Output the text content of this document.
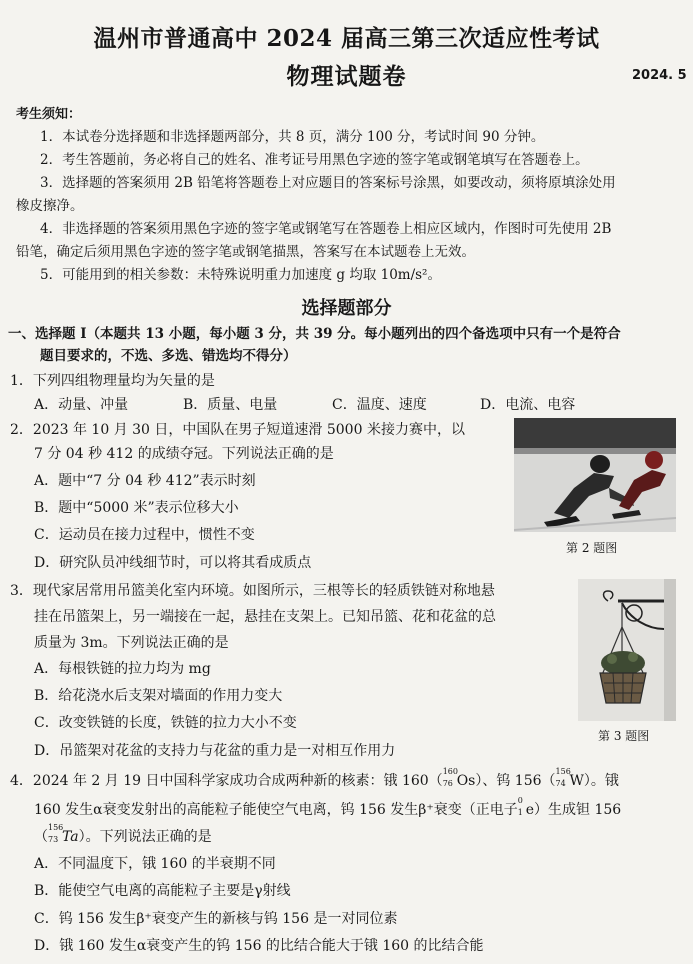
温州市普通高中 2024 届高三第三次适应性考试
物理试题卷	2024. 5
考生须知：
1．本试卷分选择题和非选择题两部分，共 8 页，满分 100 分，考试时间 90 分钟。
2．考生答题前，务必将自己的姓名、准考证号用黑色字迹的签字笔或钢笔填写在答题卷上。
3．选择题的答案须用 2B 铅笔将答题卷上对应题目的答案标号涂黑，如要改动，须将原填涂处用
橡皮擦净。
4．非选择题的答案须用黑色字迹的签字笔或钢笔写在答题卷上相应区域内，作图时可先使用 2B
铅笔，确定后须用黑色字迹的签字笔或钢笔描黑，答案写在本试题卷上无效。
5．可能用到的相关参数：未特殊说明重力加速度 g 均取 10m/s²。
选择题部分
一、选择题 I（本题共 13 小题，每小题 3 分，共 39 分。每小题列出的四个备选项中只有一个是符合
题目要求的，不选、多选、错选均不得分）
1．下列四组物理量均为矢量的是
A．动量、冲量	B．质量、电量	C．温度、速度	D．电流、电容
2．2023 年 10 月 30 日，中国队在男子短道速滑 5000 米接力赛中，以
7 分 04 秒 412 的成绩夺冠。下列说法正确的是
A．题中“7 分 04 秒 412”表示时刻
B．题中“5000 米”表示位移大小
C．运动员在接力过程中，惯性不变
D．研究队员冲线细节时，可以将其看成质点
第 2 题图
3．现代家居常用吊篮美化室内环境。如图所示，三根等长的轻质铁链对称地悬
挂在吊篮架上，另一端接在一起，悬挂在支架上。已知吊篮、花和花盆的总
质量为 3m。下列说法正确的是
A．每根铁链的拉力均为 mg
B．给花浇水后支架对墙面的作用力变大
C．改变铁链的长度，铁链的拉力大小不变
D．吊篮架对花盆的支持力与花盆的重力是一对相互作用力
第 3 题图
4．2024 年 2 月 19 日中国科学家成功合成两种新的核素：锇 160（
160
76 Os）、钨 156（
156
74 W）。锇
160 发生α衰变发射出的高能粒子能使空气电离，钨 156 发生β⁺衰变（正电子
0
1 e）生成钽 156
（
156
73 Ta）。下列说法正确的是
A．不同温度下，锇 160 的半衰期不同
B．能使空气电离的高能粒子主要是γ射线
C．钨 156 发生β⁺衰变产生的新核与钨 156 是一对同位素
D．锇 160 发生α衰变产生的钨 156 的比结合能大于锇 160 的比结合能
